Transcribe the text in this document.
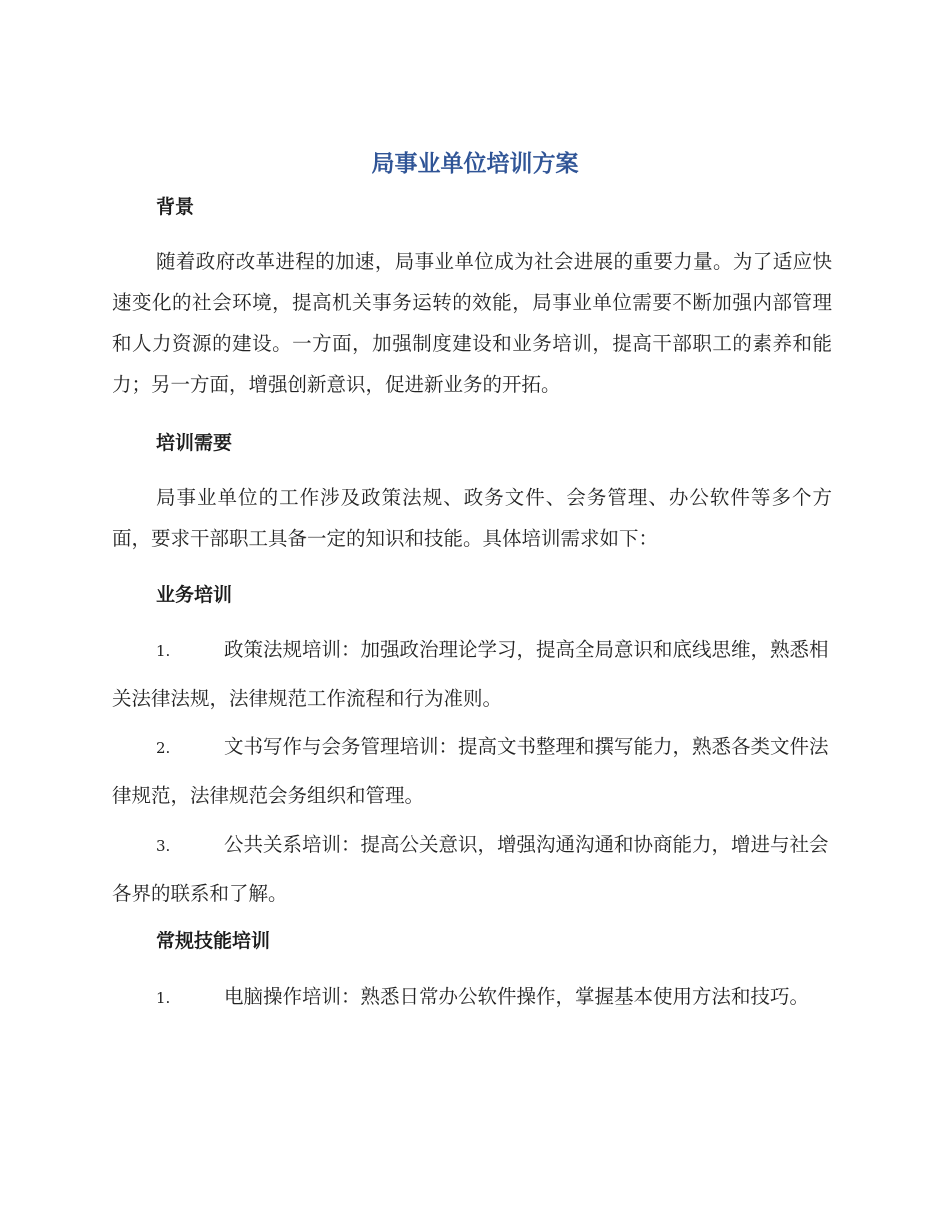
局事业单位培训方案
背景
随着政府改革进程的加速，局事业单位成为社会进展的重要力量。为了适应快速变化的社会环境，提高机关事务运转的效能，局事业单位需要不断加强内部管理和人力资源的建设。一方面，加强制度建设和业务培训，提高干部职工的素养和能力；另一方面，增强创新意识，促进新业务的开拓。
培训需要
局事业单位的工作涉及政策法规、政务文件、会务管理、办公软件等多个方面，要求干部职工具备一定的知识和技能。具体培训需求如下：
业务培训
1.	政策法规培训：加强政治理论学习，提高全局意识和底线思维，熟悉相关法律法规，法律规范工作流程和行为准则。
2.	文书写作与会务管理培训：提高文书整理和撰写能力，熟悉各类文件法律规范，法律规范会务组织和管理。
3.	公共关系培训：提高公关意识，增强沟通沟通和协商能力，增进与社会各界的联系和了解。
常规技能培训
1.	电脑操作培训：熟悉日常办公软件操作，掌握基本使用方法和技巧。
